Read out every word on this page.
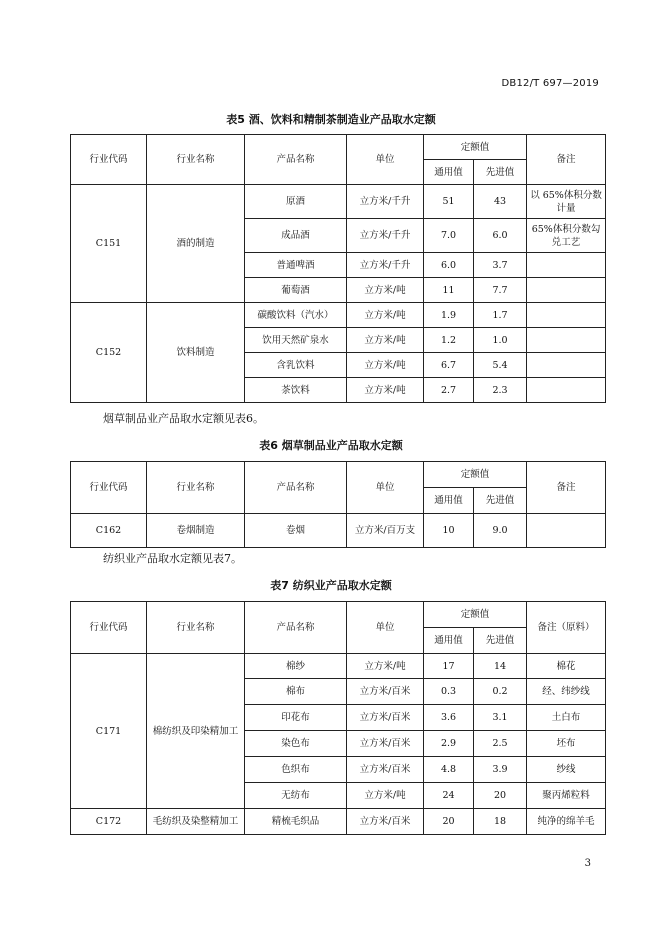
DB12/T 697—2019
表5 酒、饮料和精制茶制造业产品取水定额
行业代码	行业名称	产品名称	单位	定额值		备注
				通用值	先进值	
C151	酒的制造	原酒	立方米/千升	51	43	以 65%体积分数计量
		成品酒	立方米/千升	7.0	6.0	65%体积分数勾兑工艺
		普通啤酒	立方米/千升	6.0	3.7	
		葡萄酒	立方米/吨	11	7.7	
C152	饮料制造	碳酸饮料（汽水）	立方米/吨	1.9	1.7	
		饮用天然矿泉水	立方米/吨	1.2	1.0	
		含乳饮料	立方米/吨	6.7	5.4	
		茶饮料	立方米/吨	2.7	2.3	
烟草制品业产品取水定额见表6。
表6 烟草制品业产品取水定额
行业代码	行业名称	产品名称	单位	定额值		备注
				通用值	先进值	
C162	卷烟制造	卷烟	立方米/百万支	10	9.0	
纺织业产品取水定额见表7。
表7 纺织业产品取水定额
行业代码	行业名称	产品名称	单位	定额值		备注（原料）
				通用值	先进值	
C171	棉纺织及印染精加工	棉纱	立方米/吨	17	14	棉花
		棉布	立方米/百米	0.3	0.2	经、纬纱线
		印花布	立方米/百米	3.6	3.1	土白布
		染色布	立方米/百米	2.9	2.5	坯布
		色织布	立方米/百米	4.8	3.9	纱线
		无纺布	立方米/吨	24	20	聚丙烯粒料
C172	毛纺织及染整精加工	精梳毛织品	立方米/百米	20	18	纯净的绵羊毛
3
